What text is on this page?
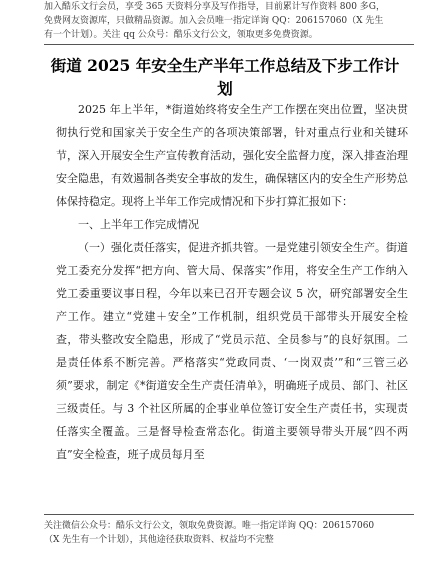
加入酷乐文行会员，享受 365 天资料分享及写作指导，目前累计写作资料 800 多G，
免费网友资源库，只做精品资源。加入会员唯一指定详询 QQ：206157060（X 先生
有一个计划）。关注 qq 公众号：酷乐文行公文，领取更多免费资源。
街道 2025 年安全生产半年工作总结及下步工作计划

2025 年上半年，*街道始终将安全生产工作摆在突出位置，坚决贯彻执行党和国家关于安全生产的各项决策部署，针对重点行业和关键环节，深入开展安全生产宣传教育活动，强化安全监督力度，深入排查治理安全隐患，有效遏制各类安全事故的发生，确保辖区内的安全生产形势总体保持稳定。现将上半年工作完成情况和下步打算汇报如下：

一、上半年工作完成情况

（一）强化责任落实，促进齐抓共管。一是党建引领安全生产。街道党工委充分发挥“把方向、管大局、保落实”作用，将安全生产工作纳入党工委重要议事日程，今年以来已召开专题会议 5 次，研究部署安全生产工作。建立“党建＋安全”工作机制，组织党员干部带头开展安全检查，带头整改安全隐患，形成了“党员示范、全员参与”的良好氛围。二是责任体系不断完善。严格落实“党政同责、‘一岗双责’”和“三管三必须”要求，制定《*街道安全生产责任清单》，明确班子成员、部门、社区三级责任。与 3 个社区所属的企事业单位签订安全生产责任书，实现责任落实全覆盖。三是督导检查常态化。街道主要领导带头开展“四不两直”安全检查，班子成员每月至

关注微信公众号：酷乐文行公文，领取免费资源。唯一指定详询 QQ：206157060
（X 先生有一个计划），其他途径获取资料、权益均不完整
